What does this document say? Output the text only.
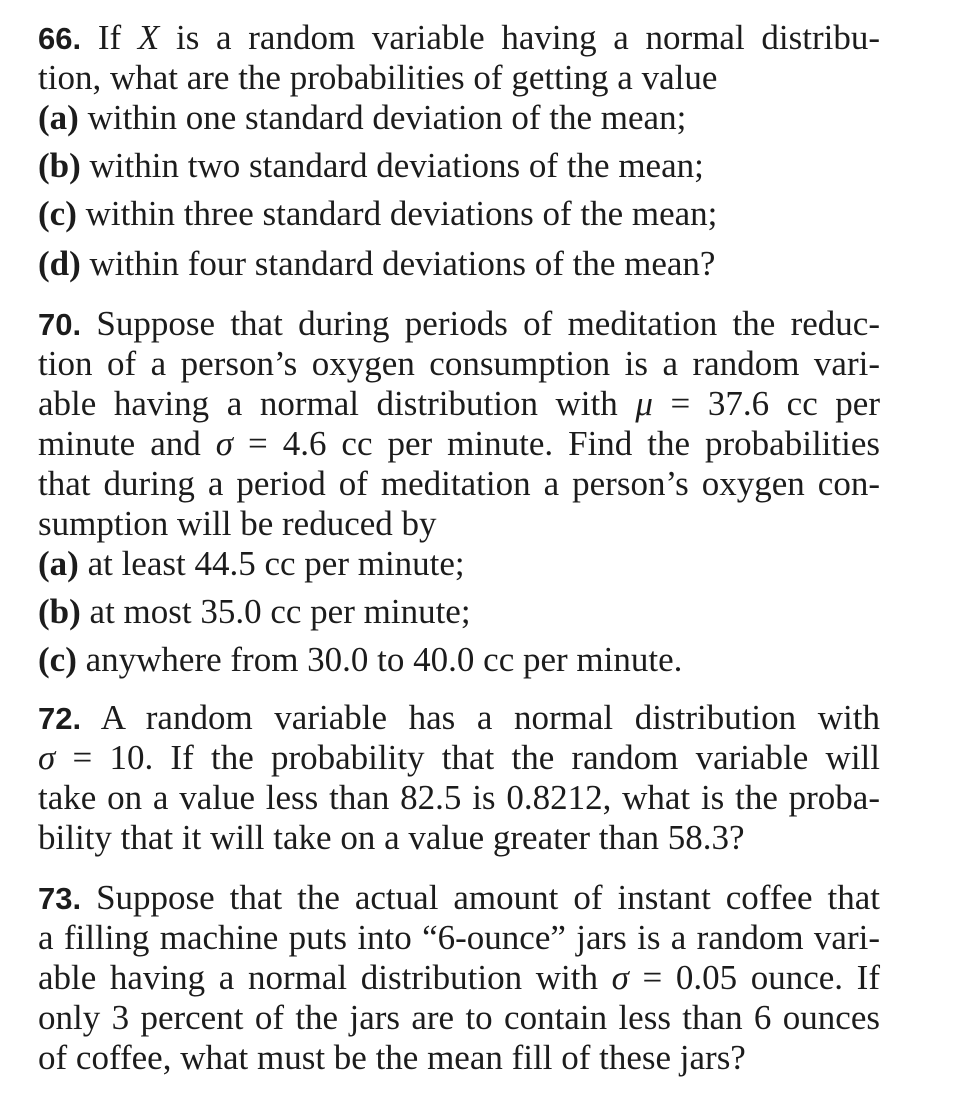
66. If X is a random variable having a normal distribu-
tion, what are the probabilities of getting a value
(a) within one standard deviation of the mean;
(b) within two standard deviations of the mean;
(c) within three standard deviations of the mean;
(d) within four standard deviations of the mean?
70. Suppose that during periods of meditation the reduc-
tion of a person’s oxygen consumption is a random vari-
able having a normal distribution with μ = 37.6 cc per
minute and σ = 4.6 cc per minute. Find the probabilities
that during a period of meditation a person’s oxygen con-
sumption will be reduced by
(a) at least 44.5 cc per minute;
(b) at most 35.0 cc per minute;
(c) anywhere from 30.0 to 40.0 cc per minute.
72. A random variable has a normal distribution with
σ = 10. If the probability that the random variable will
take on a value less than 82.5 is 0.8212, what is the proba-
bility that it will take on a value greater than 58.3?
73. Suppose that the actual amount of instant coffee that
a filling machine puts into “6-ounce” jars is a random vari-
able having a normal distribution with σ = 0.05 ounce. If
only 3 percent of the jars are to contain less than 6 ounces
of coffee, what must be the mean fill of these jars?
